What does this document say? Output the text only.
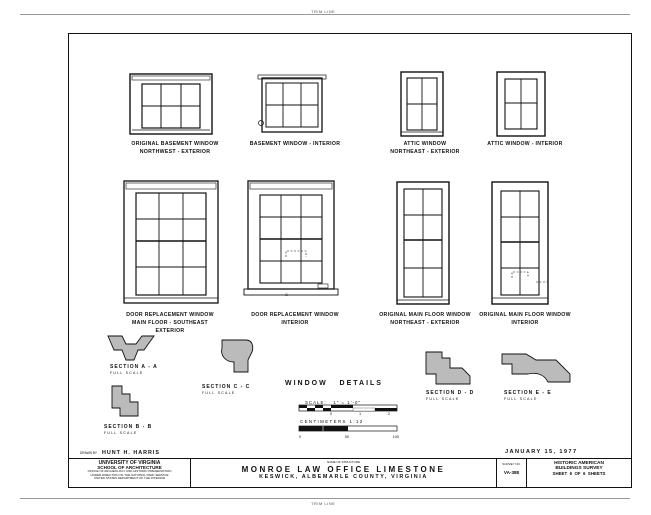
TRIM LINE
TRIM LINE
ORIGINAL BASEMENT WINDOW
NORTHWEST - EXTERIOR
BASEMENT WINDOW - INTERIOR	ATTIC WINDOW
NORTHEAST - EXTERIOR
ATTIC WINDOW - INTERIOR
C
DOOR REPLACEMENT WINDOW
MAIN FLOOR - SOUTHEAST
EXTERIOR
DOOR REPLACEMENT WINDOW
INTERIOR
ORIGINAL MAIN FLOOR WINDOW
NORTHEAST - EXTERIOR
ORIGINAL MAIN FLOOR WINDOW
INTERIOR
SECTION A - A
FULL SCALE
SECTION B - B
FULL SCALE
SECTION C - C
FULL SCALE	SECTION D - D
FULL SCALE
SECTION E - E
FULL SCALE
WINDOW   DETAILS
SCALE:   1" = 1'-0"
0	1	2
CENTIMETERS 1:12
0	50	100
DRAWN BY HUNT H. HARRIS	JANUARY 15, 1977
UNIVERSITY OF VIRGINIA
SCHOOL OF ARCHITECTURE
OFFICE OF ARCHEOLOGY AND HISTORIC PRESERVATION
UNDER DIRECTION OF THE NATIONAL PARK SERVICE
UNITED STATES DEPARTMENT OF THE INTERIOR
NAME OF STRUCTURE
MONROE LAW OFFICE LIMESTONE
KESWICK, ALBEMARLE COUNTY, VIRGINIA
SURVEY NO.
VA-388
HISTORIC AMERICAN
BUILDINGS SURVEY
SHEET  6  OF  6  SHEETS
